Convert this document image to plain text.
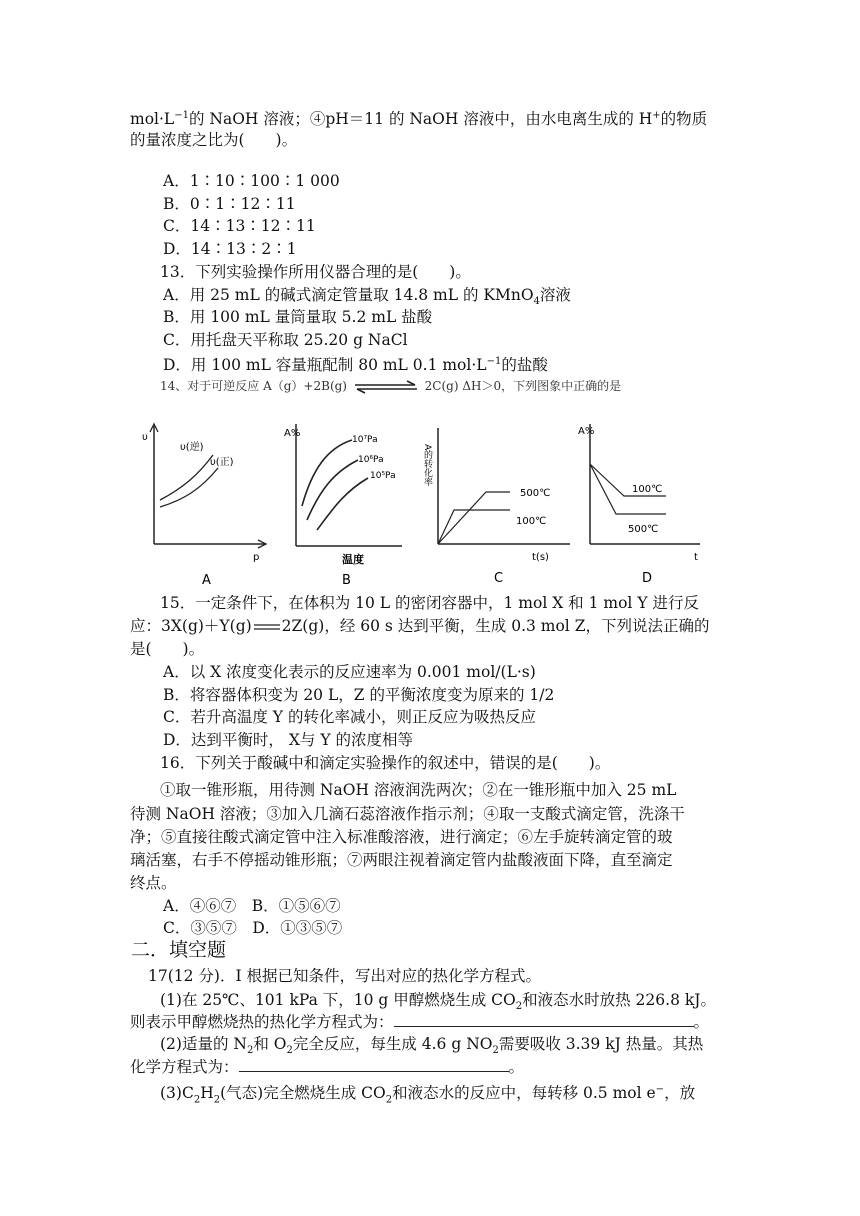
$mol\cdot L^{-1}$的 NaOH 溶液；④pH＝11 的 NaOH 溶液中，由水电离生成的 H+的物质
的量浓度之比为(　　)。
A．1∶10∶100∶1 000
B．0∶1∶12∶11
C．14∶13∶12∶11
D．14∶13∶2∶1
13．下列实验操作所用仪器合理的是(　　)。
A．用 25 mL 的碱式滴定管量取 14.8 mL 的 KMnO$_4$溶液
B．用 100 mL 量筒量取 5.2 mL 盐酸
C．用托盘天平称取 25.20 g NaCl
D．用 100 mL 容量瓶配制 80 mL 0.1 $mol\cdot L^{-1}$的盐酸
14、对于可逆反应 A（g）+2B(g)	2C(g) ΔH＞0，下列图象中正确的是
υ
υ(逆)
υ(正)
p
A
A%
10⁷Pa
10⁶Pa
10⁵Pa
温度
B
A的转化率
500℃
100℃
t(s)
C
A%
100℃
500℃
t
D
15．一定条件下，在体积为 10 L 的密闭容器中，1 mol X 和 1 mol Y 进行反
应：3X(g)＋Y(g) 2Z(g)，经 60 s 达到平衡，生成 0.3 mol Z，下列说法正确的
是(　　)。
A．以 X 浓度变化表示的反应速率为 0.001 mol/(L·s)
B．将容器体积变为 20 L，Z 的平衡浓度变为原来的 1/2
C．若升高温度 Y 的转化率减小，则正反应为吸热反应
D．达到平衡时， X与 Y 的浓度相等
16．下列关于酸碱中和滴定实验操作的叙述中，错误的是(　　)。
①取一锥形瓶，用待测 NaOH 溶液润洗两次；②在一锥形瓶中加入 25 mL
待测 NaOH 溶液；③加入几滴石蕊溶液作指示剂；④取一支酸式滴定管，洗涤干
净；⑤直接往酸式滴定管中注入标准酸溶液，进行滴定；⑥左手旋转滴定管的玻
璃活塞，右手不停摇动锥形瓶；⑦两眼注视着滴定管内盐酸液面下降，直至滴定
终点。
A．④⑥⑦　B．①⑤⑥⑦
C．③⑤⑦　D．①③⑤⑦
二．填空题
17(12 分)．I 根据已知条件，写出对应的热化学方程式。
(1)在 25℃、101 kPa 下，10 g 甲醇燃烧生成 $CO_2$和液态水时放热 226.8 kJ。
则表示甲醇燃烧热的热化学方程式为：	。
(2)适量的 $N_2$和 $O_2$完全反应，每生成 4.6 g $NO_2$需要吸收 3.39 kJ 热量。其热
化学方程式为：	。
$(3)C_2H_2$(气态)完全燃烧生成 $CO_2$和液态水的反应中，每转移 0.5 mol e−，放
